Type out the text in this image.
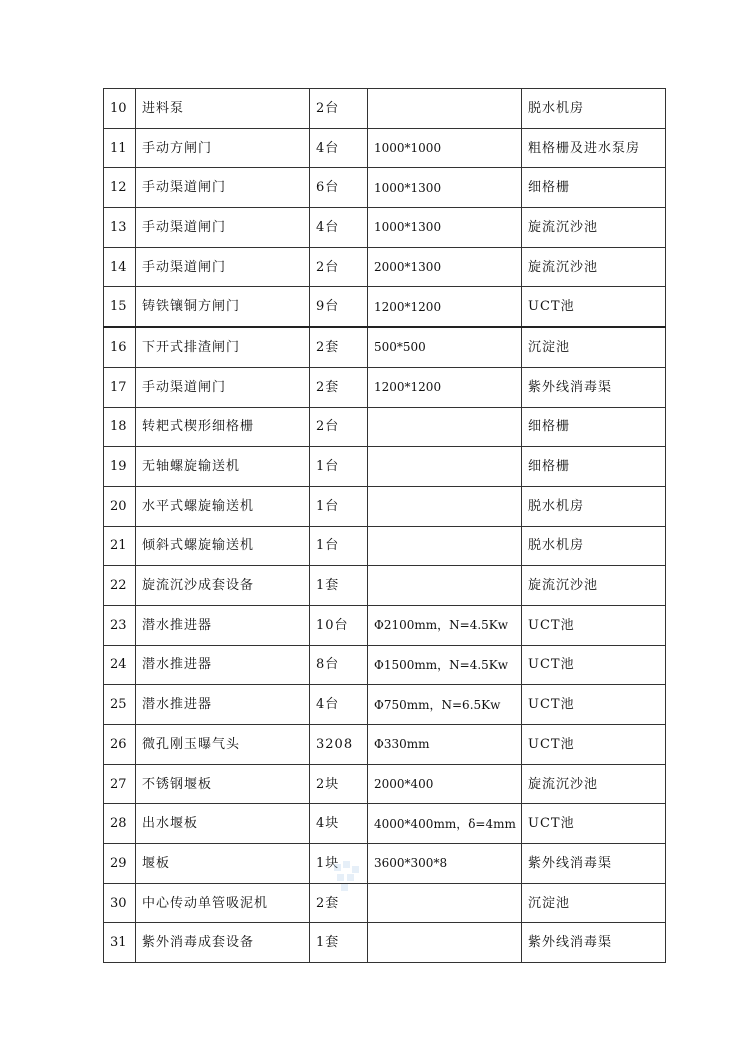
10	进料泵	2台		脱水机房
11	手动方闸门	4台	1000*1000	粗格栅及进水泵房
12	手动渠道闸门	6台	1000*1300	细格栅
13	手动渠道闸门	4台	1000*1300	旋流沉沙池
14	手动渠道闸门	2台	2000*1300	旋流沉沙池
15	铸铁镶铜方闸门	9台	1200*1200	UCT池
16	下开式排渣闸门	2套	500*500	沉淀池
17	手动渠道闸门	2套	1200*1200	紫外线消毒渠
18	转耙式楔形细格栅	2台		细格栅
19	无轴螺旋输送机	1台		细格栅
20	水平式螺旋输送机	1台		脱水机房
21	倾斜式螺旋输送机	1台		脱水机房
22	旋流沉沙成套设备	1套		旋流沉沙池
23	潜水推进器	10台	Φ2100mm，N=4.5Kw	UCT池
24	潜水推进器	8台	Φ1500mm，N=4.5Kw	UCT池
25	潜水推进器	4台	Φ750mm，N=6.5Kw	UCT池
26	微孔刚玉曝气头	3208	Φ330mm	UCT池
27	不锈钢堰板	2块	2000*400	旋流沉沙池
28	出水堰板	4块	4000*400mm，δ=4mm	UCT池
29	堰板	1块	3600*300*8	紫外线消毒渠
30	中心传动单管吸泥机	2套		沉淀池
31	紫外消毒成套设备	1套		紫外线消毒渠
